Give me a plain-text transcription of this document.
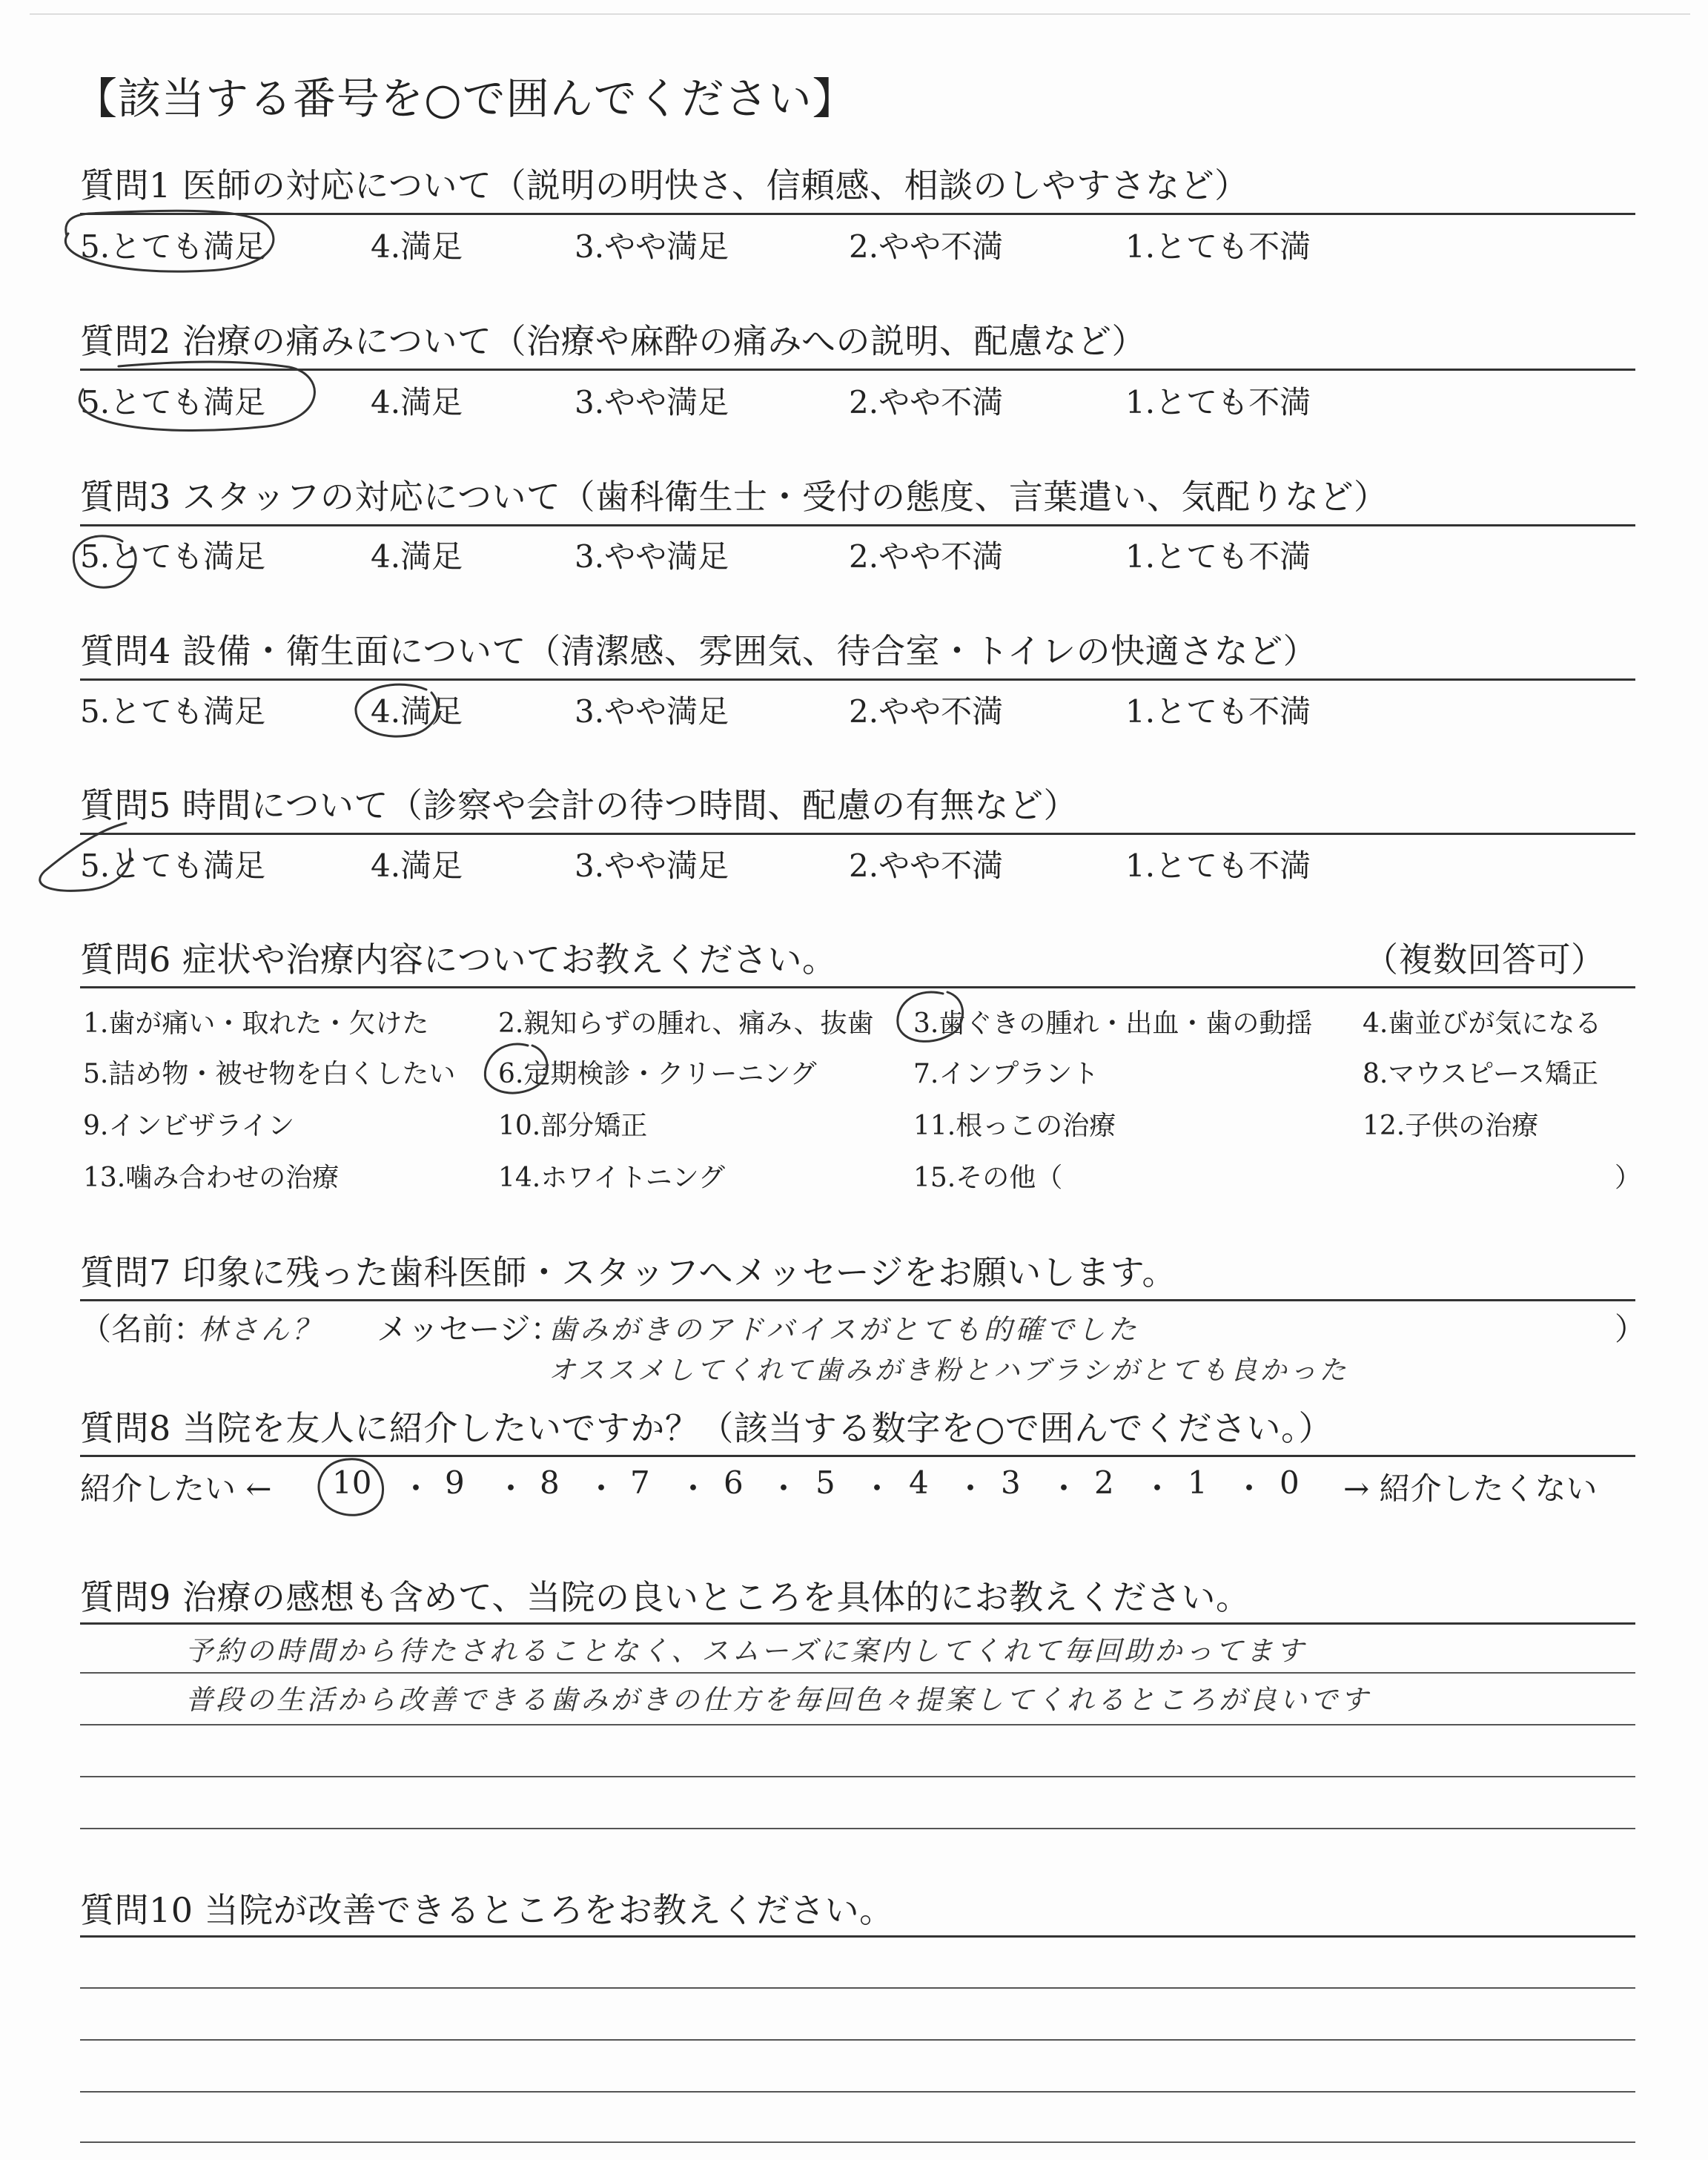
【該当する番号を○で囲んでください】
質問1 医師の対応について（説明の明快さ、信頼感、相談のしやすさなど）
5.とても満足	4.満足	3.やや満足	2.やや不満	1.とても不満
質問2 治療の痛みについて（治療や麻酔の痛みへの説明、配慮など）
5.とても満足	4.満足	3.やや満足	2.やや不満	1.とても不満
質問3 スタッフの対応について（歯科衛生士・受付の態度、言葉遣い、気配りなど）
5.とても満足	4.満足	3.やや満足	2.やや不満	1.とても不満
質問4 設備・衛生面について（清潔感、雰囲気、待合室・トイレの快適さなど）
5.とても満足	4.満足	3.やや満足	2.やや不満	1.とても不満
質問5 時間について（診察や会計の待つ時間、配慮の有無など）
5.とても満足	4.満足	3.やや満足	2.やや不満	1.とても不満
質問6 症状や治療内容についてお教えください。	（複数回答可）
1.歯が痛い・取れた・欠けた	2.親知らずの腫れ、痛み、抜歯 3.歯ぐきの腫れ・出血・歯の動揺 4.歯並びが気になる
5.詰め物・被せ物を白くしたい 6.定期検診・クリーニング	7.インプラント	8.マウスピース矯正
9.インビザライン	10.部分矯正	11.根っこの治療	12.子供の治療
13.噛み合わせの治療	14.ホワイトニング	15.その他（	）
質問7 印象に残った歯科医師・スタッフへメッセージをお願いします。
（名前：
林さん？ メッセージ：
歯みがきのアドバイスがとても的確でした
オススメしてくれて歯みがき粉とハブラシがとても良かった
）
質問8 当院を友人に紹介したいですか？（該当する数字を○で囲んでください。）
紹介したい ← 10 ・ 9 ・ 8 ・ 7 ・ 6 ・ 5 ・ 4 ・ 3 ・ 2 ・ 1 ・ 0 → 紹介したくない
質問9 治療の感想も含めて、当院の良いところを具体的にお教えください。
予約の時間から待たされることなく、スムーズに案内してくれて毎回助かってます
普段の生活から改善できる歯みがきの仕方を毎回色々提案してくれるところが良いです
質問10 当院が改善できるところをお教えください。
